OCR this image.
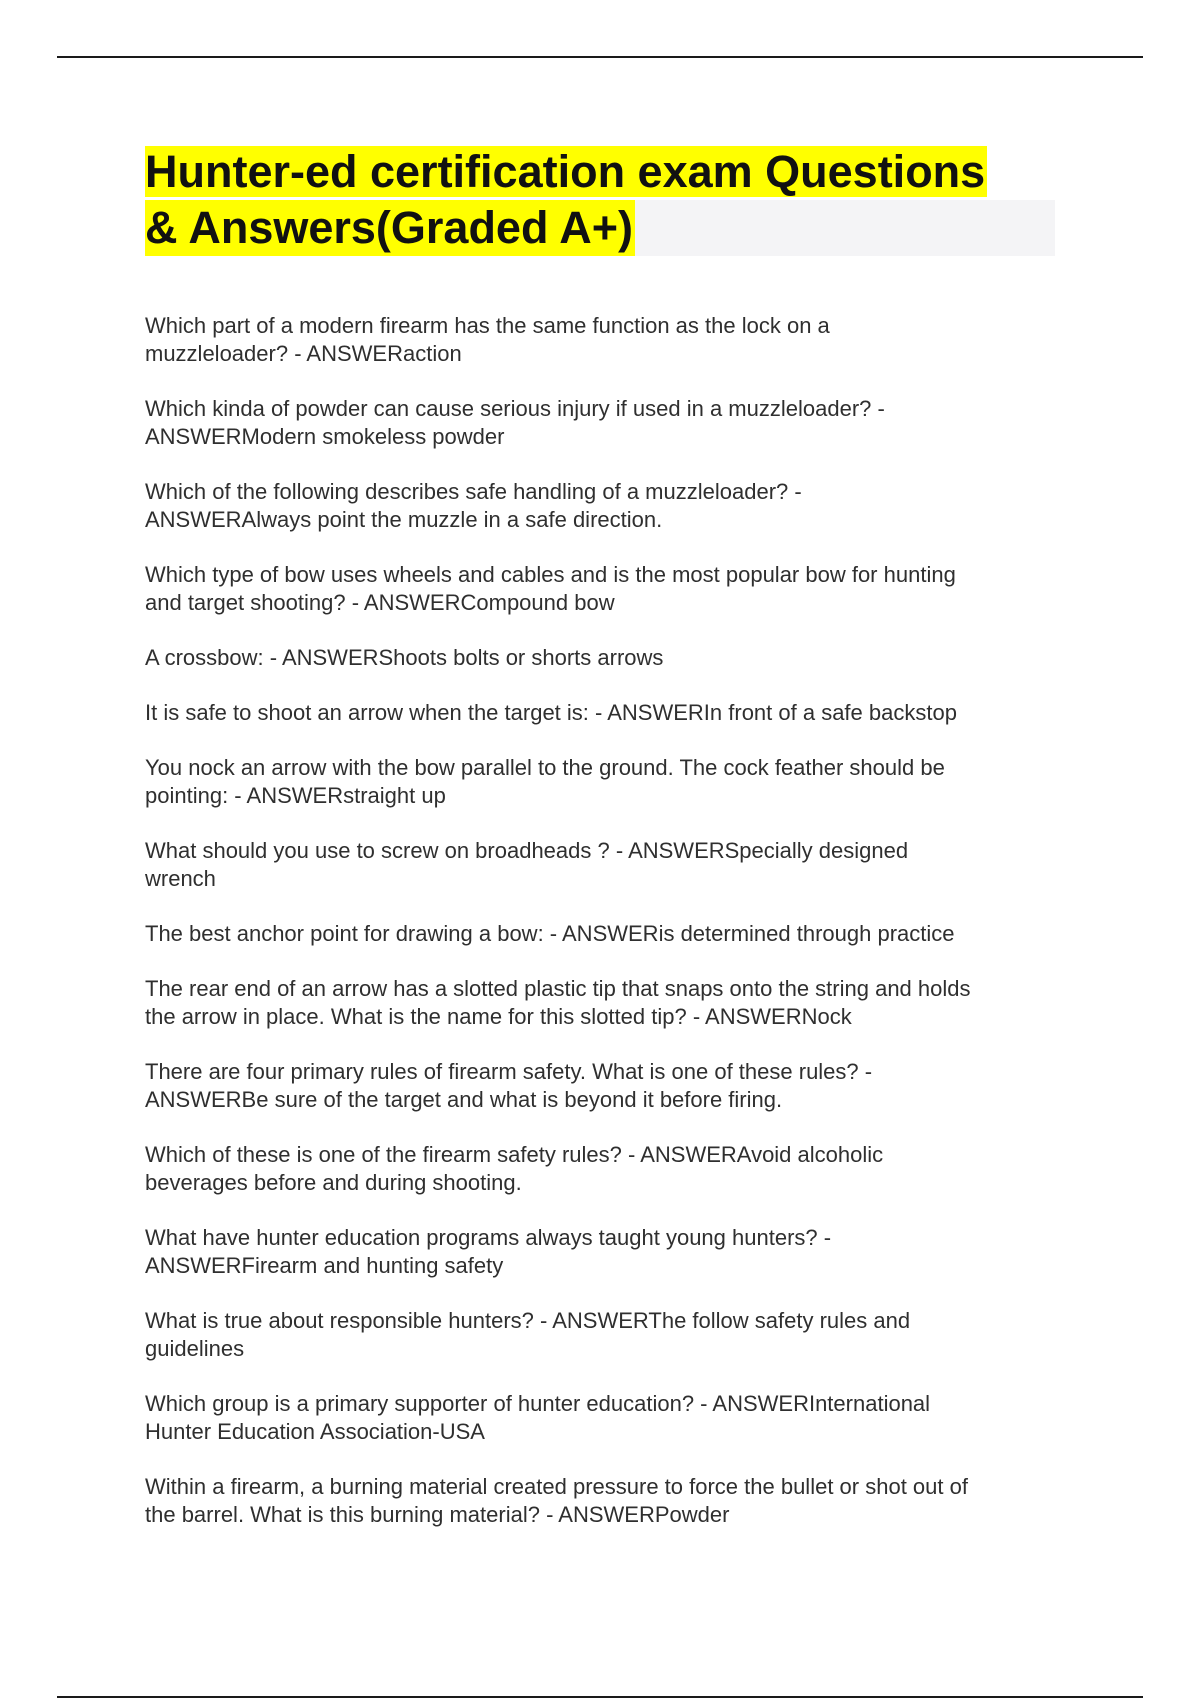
Hunter-ed certification exam Questions
& Answers(Graded A+)
Which part of a modern firearm has the same function as the lock on a
muzzleloader? - ANSWERaction
Which kinda of powder can cause serious injury if used in a muzzleloader? -
ANSWERModern smokeless powder
Which of the following describes safe handling of a muzzleloader? -
ANSWERAlways point the muzzle in a safe direction.
Which type of bow uses wheels and cables and is the most popular bow for hunting
and target shooting? - ANSWERCompound bow
A crossbow: - ANSWERShoots bolts or shorts arrows
It is safe to shoot an arrow when the target is: - ANSWERIn front of a safe backstop
You nock an arrow with the bow parallel to the ground. The cock feather should be
pointing: - ANSWERstraight up
What should you use to screw on broadheads ? - ANSWERSpecially designed
wrench
The best anchor point for drawing a bow: - ANSWERis determined through practice
The rear end of an arrow has a slotted plastic tip that snaps onto the string and holds
the arrow in place. What is the name for this slotted tip? - ANSWERNock
There are four primary rules of firearm safety. What is one of these rules? -
ANSWERBe sure of the target and what is beyond it before firing.
Which of these is one of the firearm safety rules? - ANSWERAvoid alcoholic
beverages before and during shooting.
What have hunter education programs always taught young hunters? -
ANSWERFirearm and hunting safety
What is true about responsible hunters? - ANSWERThe follow safety rules and
guidelines
Which group is a primary supporter of hunter education? - ANSWERInternational
Hunter Education Association-USA
Within a firearm, a burning material created pressure to force the bullet or shot out of
the barrel. What is this burning material? - ANSWERPowder
